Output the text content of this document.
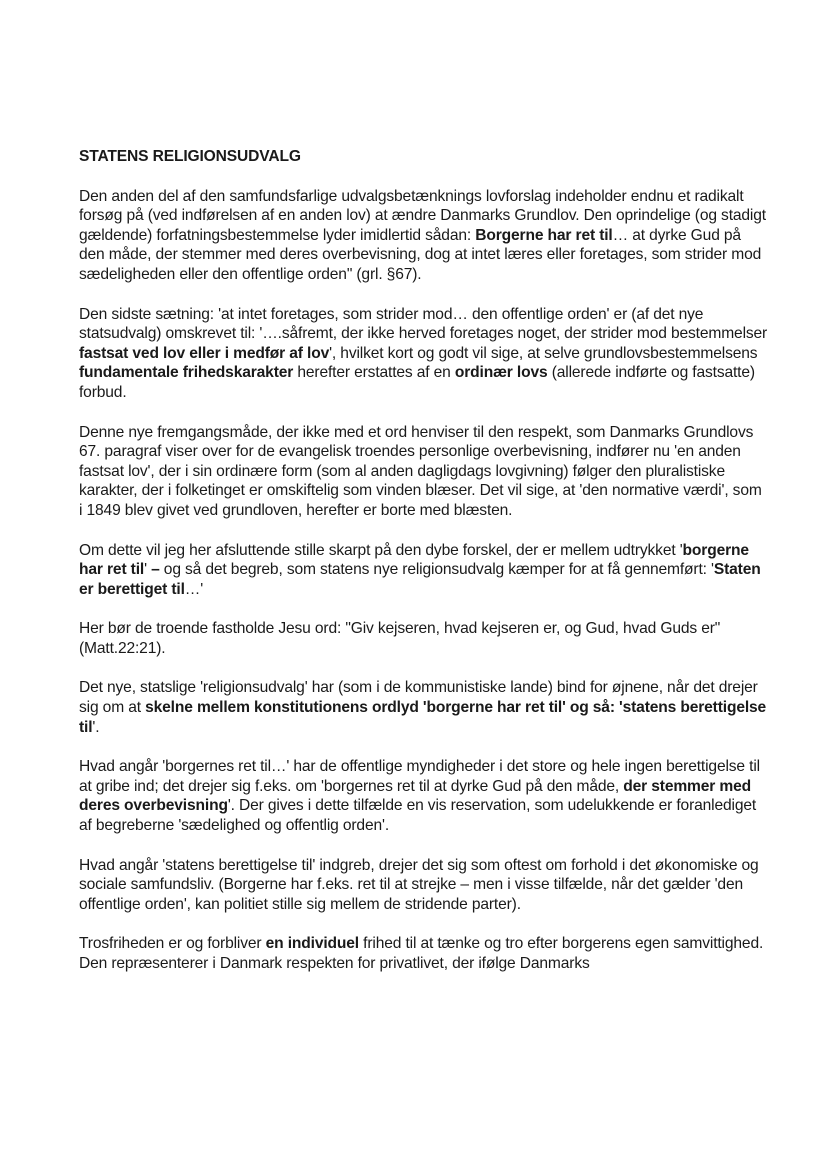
STATENS RELIGIONSUDVALG

Den anden del af den samfundsfarlige udvalgsbetænknings lovforslag indeholder endnu et radikalt forsøg på (ved indførelsen af en anden lov) at ændre Danmarks Grundlov. Den oprindelige (og stadigt gældende) forfatningsbestemmelse lyder imidlertid sådan: Borgerne har ret til… at dyrke Gud på den måde, der stemmer med deres overbevisning, dog at intet læres eller foretages, som strider mod sædeligheden eller den offentlige orden" (grl. §67).

Den sidste sætning: 'at intet foretages, som strider mod… den offentlige orden' er (af det nye statsudvalg) omskrevet til: '….såfremt, der ikke herved foretages noget, der strider mod bestemmelser fastsat ved lov eller i medfør af lov', hvilket kort og godt vil sige, at selve grundlovsbestemmelsens fundamentale frihedskarakter herefter erstattes af en ordinær lovs (allerede indførte og fastsatte) forbud.

Denne nye fremgangsmåde, der ikke med et ord henviser til den respekt, som Danmarks Grundlovs 67. paragraf viser over for de evangelisk troendes personlige overbevisning, indfører nu 'en anden fastsat lov', der i sin ordinære form (som al anden dagligdags lovgivning) følger den pluralistiske karakter, der i folketinget er omskiftelig som vinden blæser. Det vil sige, at 'den normative værdi', som i 1849 blev givet ved grundloven, herefter er borte med blæsten.

Om dette vil jeg her afsluttende stille skarpt på den dybe forskel, der er mellem udtrykket 'borgerne har ret til' – og så det begreb, som statens nye religionsudvalg kæmper for at få gennemført: 'Staten er berettiget til…'

Her bør de troende fastholde Jesu ord: "Giv kejseren, hvad kejseren er, og Gud, hvad Guds er" (Matt.22:21).

Det nye, statslige 'religionsudvalg' har (som i de kommunistiske lande) bind for øjnene, når det drejer sig om at skelne mellem konstitutionens ordlyd 'borgerne har ret til' og så: 'statens berettigelse til'.

Hvad angår 'borgernes ret til…' har de offentlige myndigheder i det store og hele ingen berettigelse til at gribe ind; det drejer sig f.eks. om 'borgernes ret til at dyrke Gud på den måde, der stemmer med deres overbevisning'. Der gives i dette tilfælde en vis reservation, som udelukkende er foranlediget af begreberne 'sædelighed og offentlig orden'.

Hvad angår 'statens berettigelse til' indgreb, drejer det sig som oftest om forhold i det økonomiske og sociale samfundsliv. (Borgerne har f.eks. ret til at strejke – men i visse tilfælde, når det gælder 'den offentlige orden', kan politiet stille sig mellem de stridende parter).

Trosfriheden er og forbliver en individuel frihed til at tænke og tro efter borgerens egen samvittighed. Den repræsenterer i Danmark respekten for privatlivet, der ifølge Danmarks
